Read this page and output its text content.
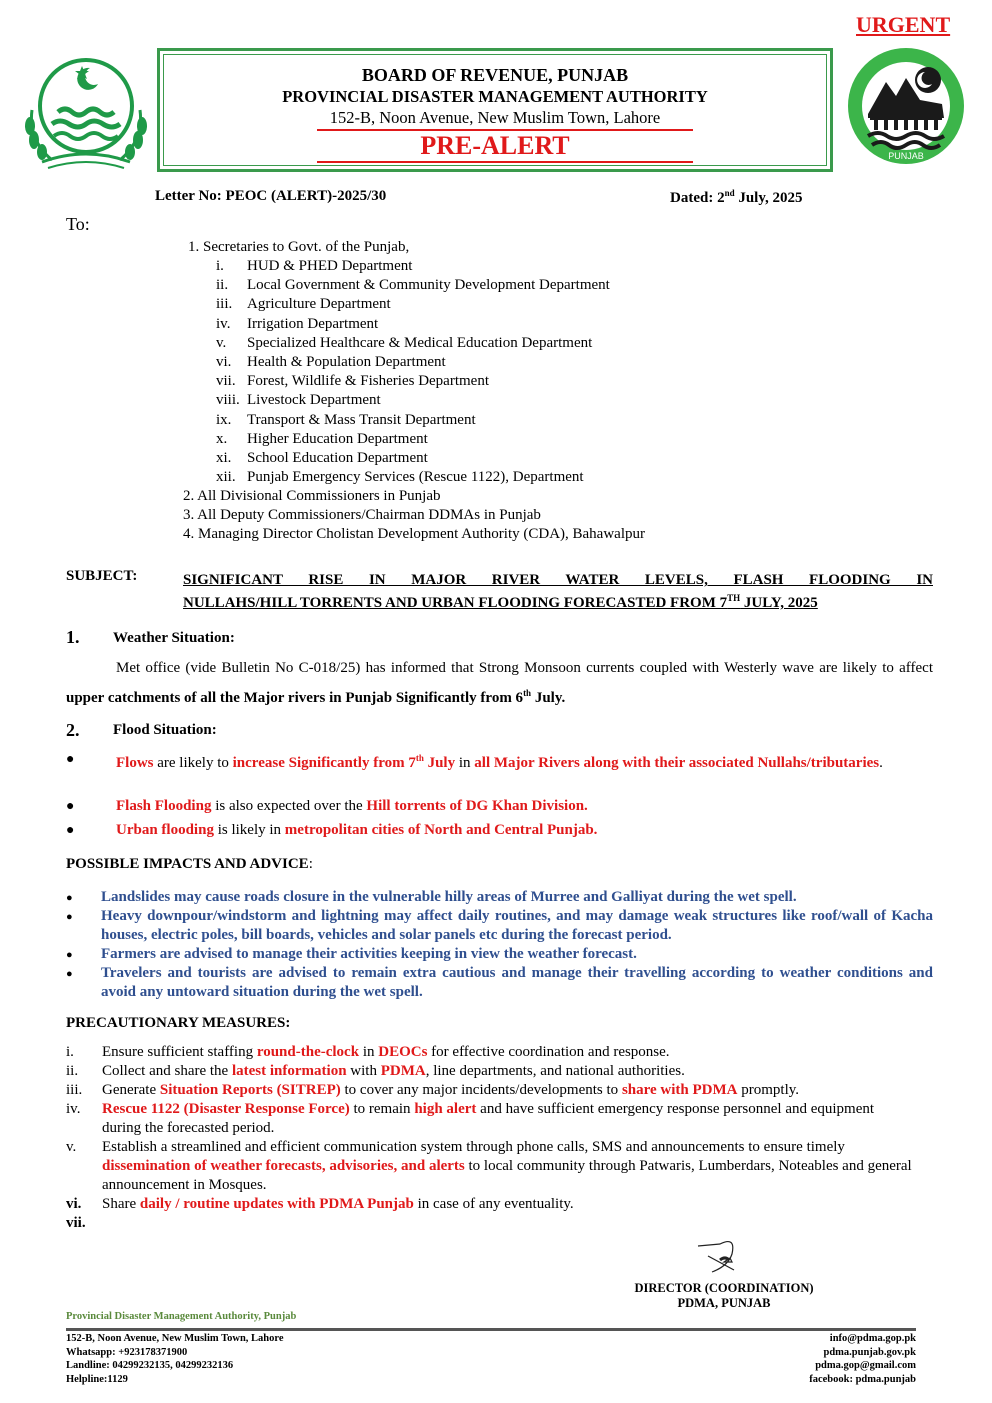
URGENT
PUNJAB
BOARD OF REVENUE, PUNJAB
PROVINCIAL DISASTER MANAGEMENT AUTHORITY
152-B, Noon Avenue, New Muslim Town, Lahore
PRE-ALERT
Letter No: PEOC (ALERT)-2025/30	Dated: 2nd July, 2025
To:
1. Secretaries to Govt. of the Punjab,
i. HUD & PHED Department
ii. Local Government & Community Development Department
iii. Agriculture Department
iv. Irrigation Department
v. Specialized Healthcare & Medical Education Department
vi. Health & Population Department
vii. Forest, Wildlife & Fisheries Department
viii. Livestock Department
ix. Transport & Mass Transit Department
x. Higher Education Department
xi. School Education Department
xii. Punjab Emergency Services (Rescue 1122), Department
2. All Divisional Commissioners in Punjab
3. All Deputy Commissioners/Chairman DDMAs in Punjab
4. Managing Director Cholistan Development Authority (CDA), Bahawalpur
SUBJECT:	SIGNIFICANT RISE IN MAJOR RIVER WATER LEVELS, FLASH FLOODING IN
NULLAHS/HILL TORRENTS AND URBAN FLOODING FORECASTED FROM 7TH JULY, 2025
1. Weather Situation:
Met office (vide Bulletin No C-018/25) has informed that Strong Monsoon currents coupled with Westerly wave are likely to affect upper catchments of all the Major rivers in Punjab Significantly from 6th July.
2. Flood Situation:
●	Flows are likely to increase Significantly from 7th July in all Major Rivers along with their associated Nullahs/tributaries.
●	Flash Flooding is also expected over the Hill torrents of DG Khan Division.
●	Urban flooding is likely in metropolitan cities of North and Central Punjab.
POSSIBLE IMPACTS AND ADVICE:
● Landslides may cause roads closure in the vulnerable hilly areas of Murree and Galliyat during the wet spell.
● Heavy downpour/windstorm and lightning may affect daily routines, and may damage weak structures like roof/wall of Kacha houses, electric poles, bill boards, vehicles and solar panels etc during the forecast period.
● Farmers are advised to manage their activities keeping in view the weather forecast.
● Travelers and tourists are advised to remain extra cautious and manage their travelling according to weather conditions and avoid any untoward situation during the wet spell.
PRECAUTIONARY MEASURES:
i.	Ensure sufficient staffing round-the-clock in DEOCs for effective coordination and response.
ii.	Collect and share the latest information with PDMA, line departments, and national authorities.
iii.	Generate Situation Reports (SITREP) to cover any major incidents/developments to share with PDMA promptly.
iv.	Rescue 1122 (Disaster Response Force) to remain high alert and have sufficient emergency response personnel and equipment during the forecasted period.
v.	Establish a streamlined and efficient communication system through phone calls, SMS and announcements to ensure timely dissemination of weather forecasts, advisories, and alerts to local community through Patwaris, Lumberdars, Noteables and general announcement in Mosques.
vi.	Share daily / routine updates with PDMA Punjab in case of any eventuality.
vii.
DIRECTOR (COORDINATION)
PDMA, PUNJAB
Provincial Disaster Management Authority, Punjab
152-B, Noon Avenue, New Muslim Town, Lahore
Whatsapp: +923178371900
Landline: 04299232135, 04299232136
Helpline:1129
info@pdma.gop.pk
pdma.punjab.gov.pk
pdma.gop@gmail.com
facebook: pdma.punjab
